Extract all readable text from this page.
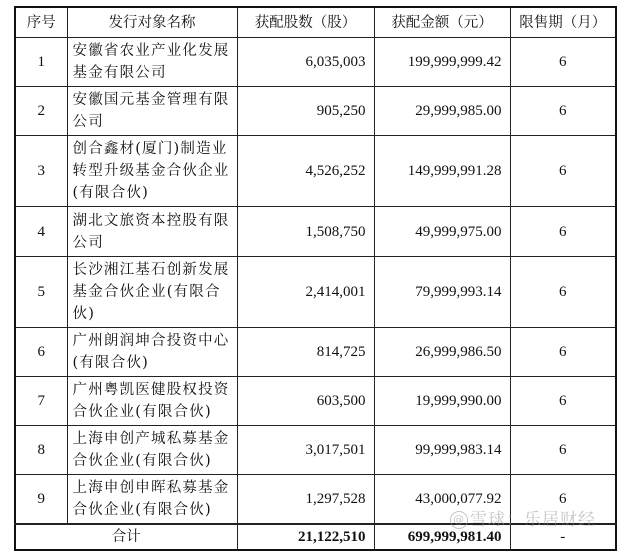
序号	发行对象名称	获配股数（股）	获配金额（元）	限售期（月）
1	安徽省农业产业化发展基金有限公司	6,035,003	199,999,999.42	6
2	安徽国元基金管理有限公司	905,250	29,999,985.00	6
3	创合鑫材(厦门)制造业转型升级基金合伙企业(有限合伙)	4,526,252	149,999,991.28	6
4	湖北文旅资本控股有限公司	1,508,750	49,999,975.00	6
5	长沙湘江基石创新发展基金合伙企业(有限合伙)	2,414,001	79,999,993.14	6
6	广州朗润坤合投资中心(有限合伙)	814,725	26,999,986.50	6
7	广州粤凯医健股权投资合伙企业(有限合伙)	603,500	19,999,990.00	6
8	上海申创产城私募基金合伙企业(有限合伙)	3,017,501	99,999,983.14	6
9	上海申创申晖私募基金合伙企业(有限合伙)	1,297,528	43,000,077.92	6
合计		21,122,510	699,999,981.40	-
@ 雪球：乐居财经
